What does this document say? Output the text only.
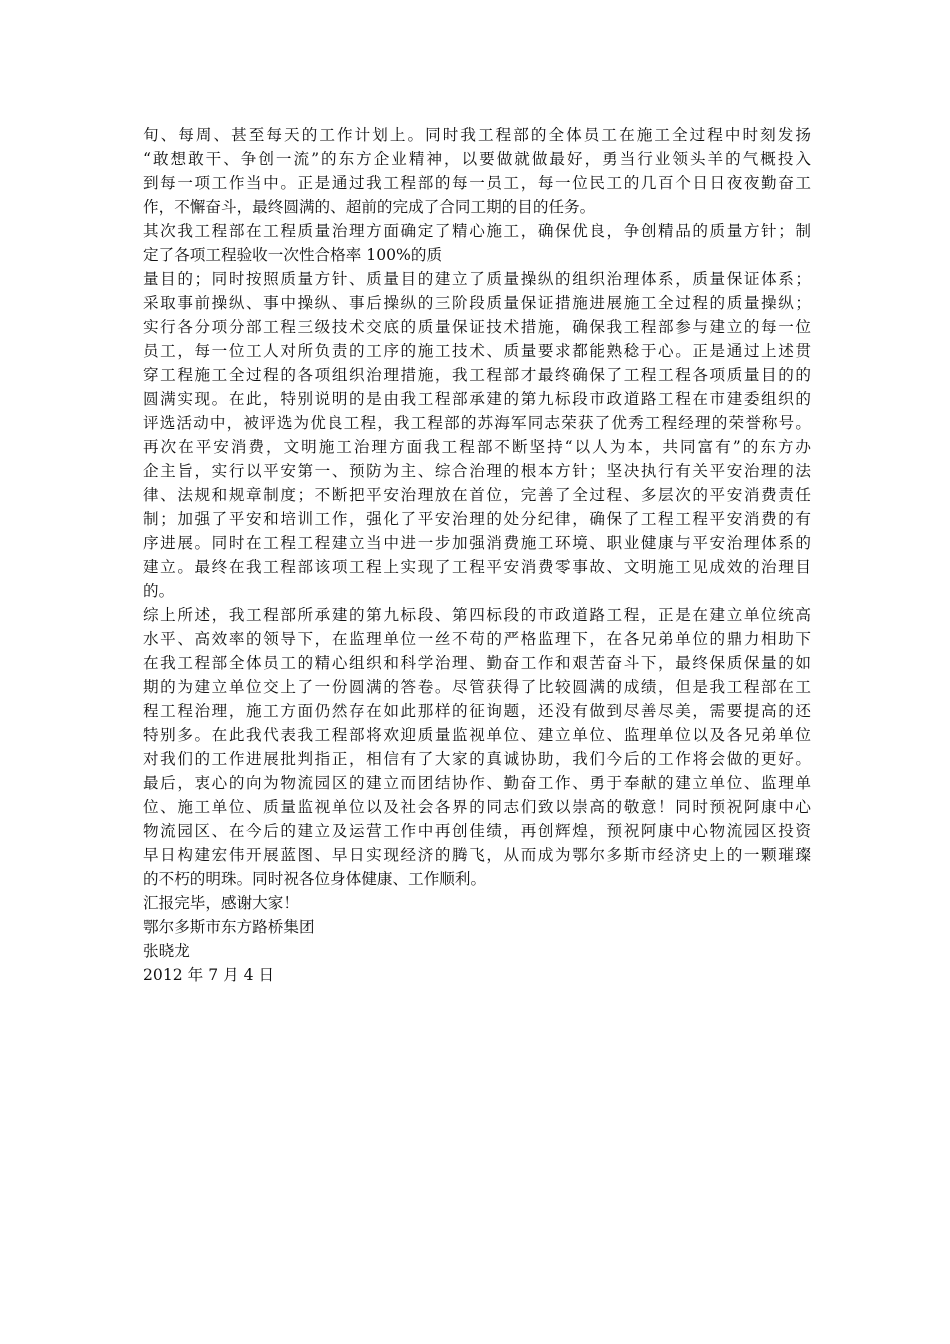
旬、每周、甚至每天的工作计划上。同时我工程部的全体员工在施工全过程中时刻发扬
“敢想敢干、争创一流”的东方企业精神，以要做就做最好，勇当行业领头羊的气概投入
到每一项工作当中。正是通过我工程部的每一员工，每一位民工的几百个日日夜夜勤奋工
作，不懈奋斗，最终圆满的、超前的完成了合同工期的目的任务。
其次我工程部在工程质量治理方面确定了精心施工，确保优良，争创精品的质量方针；制
定了各项工程验收一次性合格率 100%的质
量目的；同时按照质量方针、质量目的建立了质量操纵的组织治理体系，质量保证体系；
采取事前操纵、事中操纵、事后操纵的三阶段质量保证措施进展施工全过程的质量操纵；
实行各分项分部工程三级技术交底的质量保证技术措施，确保我工程部参与建立的每一位
员工，每一位工人对所负责的工序的施工技术、质量要求都能熟稔于心。正是通过上述贯
穿工程施工全过程的各项组织治理措施，我工程部才最终确保了工程工程各项质量目的的
圆满实现。在此，特别说明的是由我工程部承建的第九标段市政道路工程在市建委组织的
评选活动中，被评选为优良工程，我工程部的苏海军同志荣获了优秀工程经理的荣誉称号。
再次在平安消费，文明施工治理方面我工程部不断坚持“以人为本，共同富有”的东方办
企主旨，实行以平安第一、预防为主、综合治理的根本方针；坚决执行有关平安治理的法
律、法规和规章制度；不断把平安治理放在首位，完善了全过程、多层次的平安消费责任
制；加强了平安和培训工作，强化了平安治理的处分纪律，确保了工程工程平安消费的有
序进展。同时在工程工程建立当中进一步加强消费施工环境、职业健康与平安治理体系的
建立。最终在我工程部该项工程上实现了工程平安消费零事故、文明施工见成效的治理目
的。
综上所述，我工程部所承建的第九标段、第四标段的市政道路工程，正是在建立单位统高
水平、高效率的领导下，在监理单位一丝不苟的严格监理下，在各兄弟单位的鼎力相助下
在我工程部全体员工的精心组织和科学治理、勤奋工作和艰苦奋斗下，最终保质保量的如
期的为建立单位交上了一份圆满的答卷。尽管获得了比较圆满的成绩，但是我工程部在工
程工程治理，施工方面仍然存在如此那样的征询题，还没有做到尽善尽美，需要提高的还
特别多。在此我代表我工程部将欢迎质量监视单位、建立单位、监理单位以及各兄弟单位
对我们的工作进展批判指正，相信有了大家的真诚协助，我们今后的工作将会做的更好。
最后，衷心的向为物流园区的建立而团结协作、勤奋工作、勇于奉献的建立单位、监理单
位、施工单位、质量监视单位以及社会各界的同志们致以崇高的敬意！同时预祝阿康中心
物流园区、在今后的建立及运营工作中再创佳绩，再创辉煌，预祝阿康中心物流园区投资
早日构建宏伟开展蓝图、早日实现经济的腾飞，从而成为鄂尔多斯市经济史上的一颗璀璨
的不朽的明珠。同时祝各位身体健康、工作顺利。
汇报完毕，感谢大家！
鄂尔多斯市东方路桥集团
张晓龙
2012 年 7 月 4 日
